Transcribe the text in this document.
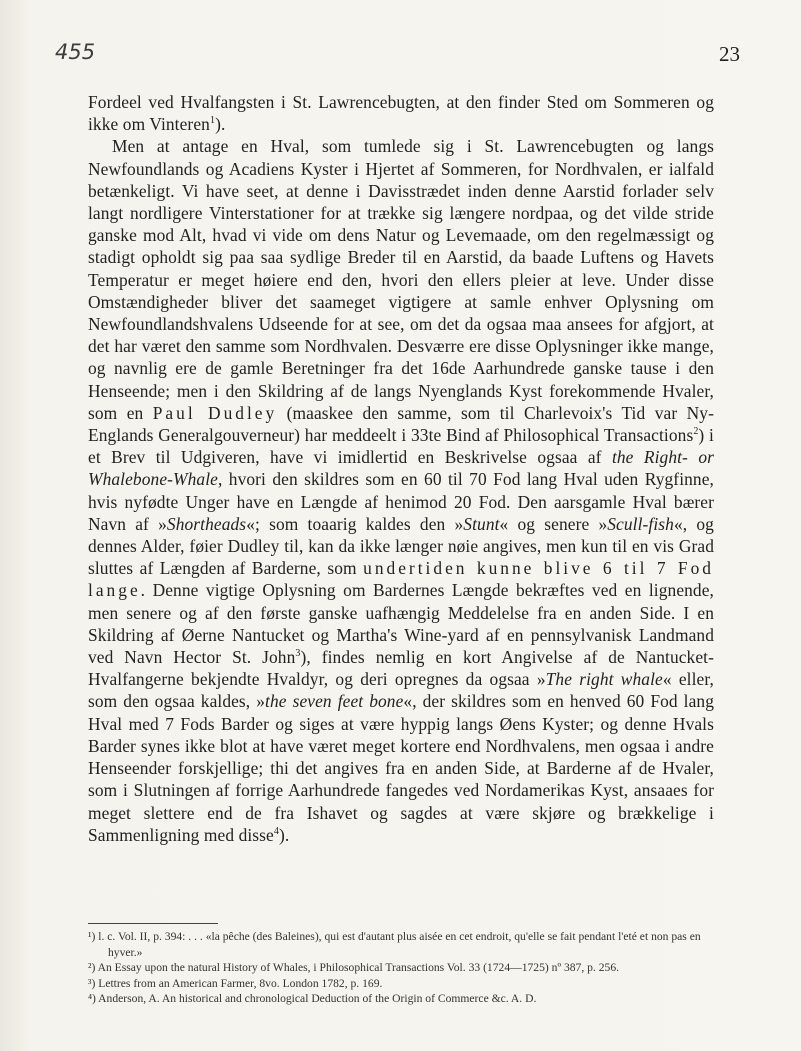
455	23

Fordeel ved Hvalfangsten i St. Lawrencebugten, at den finder Sted om Sommeren og ikke om Vinteren$^1$).

Men at antage en Hval, som tumlede sig i St. Lawrencebugten og langs Newfoundlands og Acadiens Kyster i Hjertet af Sommeren, for Nordhvalen, er ialfald betænkeligt. Vi have seet, at denne i Davisstrædet inden denne Aarstid forlader selv langt nordligere Vinterstationer for at trække sig længere nordpaa, og det vilde stride ganske mod Alt, hvad vi vide om dens Natur og Levemaade, om den regelmæssigt og stadigt opholdt sig paa saa sydlige Breder til en Aarstid, da baade Luftens og Havets Temperatur er meget høiere end den, hvori den ellers pleier at leve. Under disse Omstændigheder bliver det saameget vigtigere at samle enhver Oplysning om Newfoundlandshvalens Udseende for at see, om det da ogsaa maa ansees for afgjort, at det har været den samme som Nordhvalen. Desværre ere disse Oplysninger ikke mange, og navnlig ere de gamle Beretninger fra det 16de Aarhundrede ganske tause i den Henseende; men i den Skildring af de langs Nyenglands Kyst forekommende Hvaler, som en Paul Dudley (maaskee den samme, som til Charlevoix's Tid var Ny-Englands Generalgouverneur) har meddeelt i 33te Bind af Philosophical Transactions$^2$) i et Brev til Udgiveren, have vi imidlertid en Beskrivelse ogsaa af the Right- or Whalebone-Whale, hvori den skildres som en 60 til 70 Fod lang Hval uden Rygfinne, hvis nyfødte Unger have en Længde af henimod 20 Fod. Den aarsgamle Hval bærer Navn af »Shortheads«; som toaarig kaldes den »Stunt« og senere »Scull-fish«, og dennes Alder, føier Dudley til, kan da ikke længer nøie angives, men kun til en vis Grad sluttes af Længden af Barderne, som undertiden kunne blive 6 til 7 Fod lange. Denne vigtige Oplysning om Bardernes Længde bekræftes ved en lignende, men senere og af den første ganske uafhængig Meddelelse fra en anden Side. I en Skildring af Øerne Nantucket og Martha's Wine-yard af en pennsylvanisk Landmand ved Navn Hector St. John$^3$), findes nemlig en kort Angivelse af de Nantucket-Hvalfangerne bekjendte Hvaldyr, og deri opregnes da ogsaa »The right whale« eller, som den ogsaa kaldes, »the seven feet bone«, der skildres som en henved 60 Fod lang Hval med 7 Fods Barder og siges at være hyppig langs Øens Kyster; og denne Hvals Barder synes ikke blot at have været meget kortere end Nordhvalens, men ogsaa i andre Henseender forskjellige; thi det angives fra en anden Side, at Barderne af de Hvaler, som i Slutningen af forrige Aarhundrede fangedes ved Nordamerikas Kyst, ansaaes for meget slettere end de fra Ishavet og sagdes at være skjøre og brækkelige i Sammenligning med disse$^4$).

¹) l. c. Vol. II, p. 394: . . . «la pêche (des Baleines), qui est d'autant plus aisée en cet endroit, qu'elle se fait pendant l'eté et non pas en hyver.»
²) An Essay upon the natural History of Whales, i Philosophical Transactions Vol. 33 (1724—1725) nº 387, p. 256.
³) Lettres from an American Farmer, 8vo. London 1782, p. 169.
⁴) Anderson, A. An historical and chronological Deduction of the Origin of Commerce &c. A. D.
